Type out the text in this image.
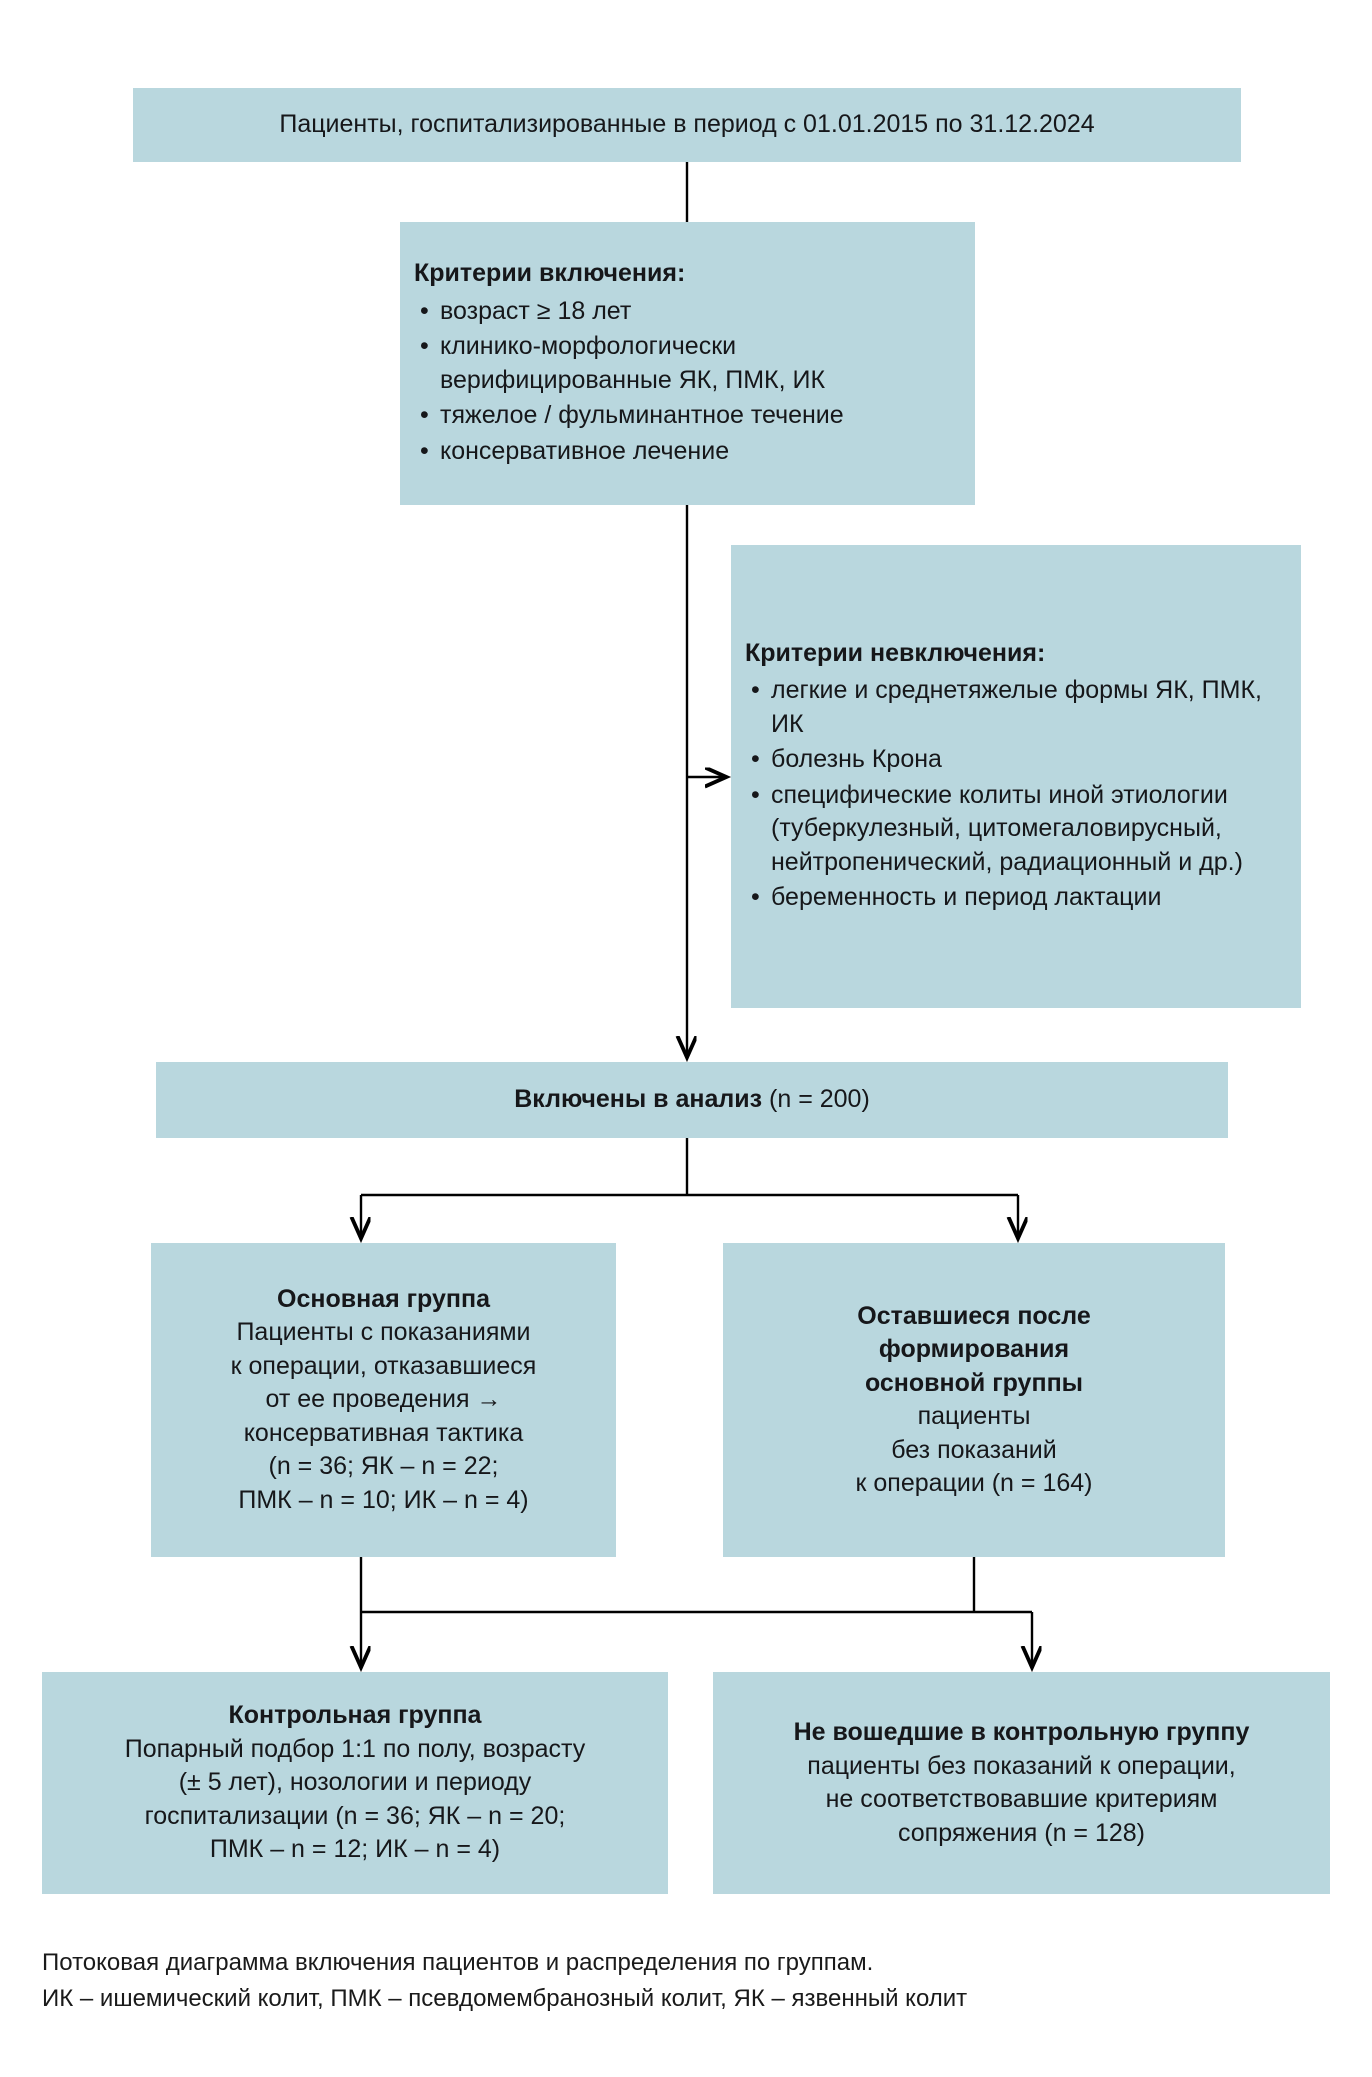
Пациенты, госпитализированные в период с 01.01.2015 по 31.12.2024
Критерии включения:
• возраст ≥ 18 лет
• клинико-морфологически верифицированные ЯК, ПМК, ИК
• тяжелое / фульминантное течение
• консервативное лечение
Критерии невключения:
• легкие и среднетяжелые формы ЯК, ПМК, ИК
• болезнь Крона
• специфические колиты иной этиологии (туберкулезный, цитомегаловирусный, нейтропенический, радиационный и др.)
• беременность и период лактации
Включены в анализ (n = 200)
Основная группа
Пациенты с показаниями
к операции, отказавшиеся
от ее проведения →
консервативная тактика
(n = 36; ЯК – n = 22;
ПМК – n = 10; ИК – n = 4)
Оставшиеся после
формирования
основной группы
пациенты
без показаний
к операции (n = 164)
Контрольная группа
Попарный подбор 1:1 по полу, возрасту
(± 5 лет), нозологии и периоду
госпитализации (n = 36; ЯК – n = 20;
ПМК – n = 12; ИК – n = 4)
Не вошедшие в контрольную группу
пациенты без показаний к операции,
не соответствовавшие критериям
сопряжения (n = 128)
Потоковая диаграмма включения пациентов и распределения по группам.
ИК – ишемический колит, ПМК – псевдомембранозный колит, ЯК – язвенный колит
